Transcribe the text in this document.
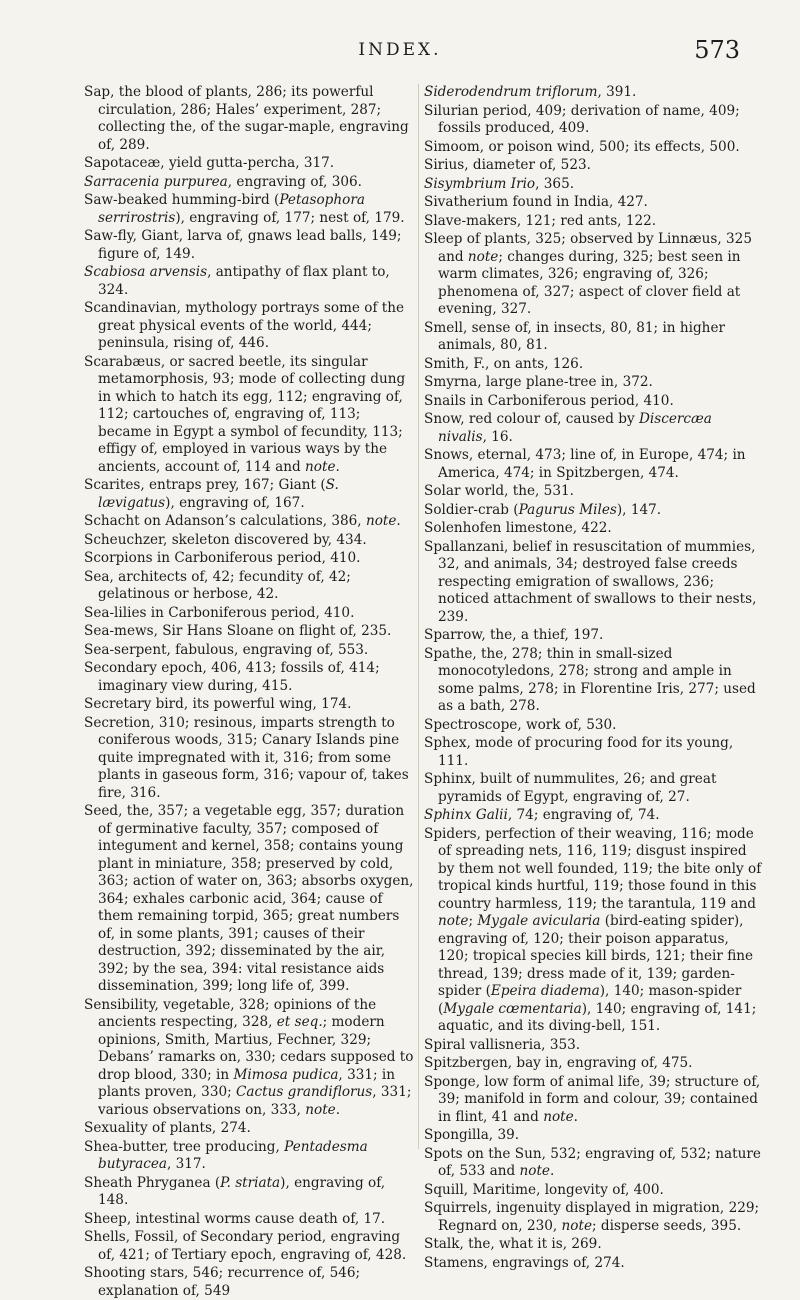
INDEX.	573

Sap, the blood of plants, 286; its powerful circulation, 286; Hales’ experiment, 287; collecting the, of the sugar-maple, engraving of, 289.

Sapotaceæ, yield gutta-percha, 317.

Sarracenia purpurea, engraving of, 306.

Saw-beaked humming-bird (Petasophora serrirostris), engraving of, 177; nest of, 179.

Saw-fly, Giant, larva of, gnaws lead balls, 149; figure of, 149.

Scabiosa arvensis, antipathy of flax plant to, 324.

Scandinavian, mythology portrays some of the great physical events of the world, 444; peninsula, rising of, 446.

Scarabæus, or sacred beetle, its singular metamorphosis, 93; mode of collecting dung in which to hatch its egg, 112; engraving of, 112; cartouches of, engraving of, 113; became in Egypt a symbol of fecundity, 113; effigy of, employed in various ways by the ancients, account of, 114 and note.

Scarites, entraps prey, 167; Giant (S. lævigatus), engraving of, 167.

Schacht on Adanson’s calculations, 386, note.

Scheuchzer, skeleton discovered by, 434.

Scorpions in Carboniferous period, 410.

Sea, architects of, 42; fecundity of, 42; gelatinous or herbose, 42.

Sea-lilies in Carboniferous period, 410.

Sea-mews, Sir Hans Sloane on flight of, 235.

Sea-serpent, fabulous, engraving of, 553.

Secondary epoch, 406, 413; fossils of, 414; imaginary view during, 415.

Secretary bird, its powerful wing, 174.

Secretion, 310; resinous, imparts strength to coniferous woods, 315; Canary Islands pine quite impregnated with it, 316; from some plants in gaseous form, 316; vapour of, takes fire, 316.

Seed, the, 357; a vegetable egg, 357; duration of germinative faculty, 357; composed of integument and kernel, 358; contains young plant in miniature, 358; preserved by cold, 363; action of water on, 363; absorbs oxygen, 364; exhales carbonic acid, 364; cause of them remaining torpid, 365; great numbers of, in some plants, 391; causes of their destruction, 392; disseminated by the air, 392; by the sea, 394: vital resistance aids dissemination, 399; long life of, 399.

Sensibility, vegetable, 328; opinions of the ancients respecting, 328, et seq.; modern opinions, Smith, Martius, Fechner, 329; Debans’ ramarks on, 330; cedars supposed to drop blood, 330; in Mimosa pudica, 331; in plants proven, 330; Cactus grandiflorus, 331; various observations on, 333, note.

Sexuality of plants, 274.

Shea-butter, tree producing, Pentadesma butyracea, 317.

Sheath Phryganea (P. striata), engraving of, 148.

Sheep, intestinal worms cause death of, 17.

Shells, Fossil, of Secondary period, engraving of, 421; of Tertiary epoch, engraving of, 428.

Shooting stars, 546; recurrence of, 546; explanation of, 549

Siderodendrum triflorum, 391.

Silurian period, 409; derivation of name, 409; fossils produced, 409.

Simoom, or poison wind, 500; its effects, 500.

Sirius, diameter of, 523.

Sisymbrium Irio, 365.

Sivatherium found in India, 427.

Slave-makers, 121; red ants, 122.

Sleep of plants, 325; observed by Linnæus, 325 and note; changes during, 325; best seen in warm climates, 326; engraving of, 326; phenomena of, 327; aspect of clover field at evening, 327.

Smell, sense of, in insects, 80, 81; in higher animals, 80, 81.

Smith, F., on ants, 126.

Smyrna, large plane-tree in, 372.

Snails in Carboniferous period, 410.

Snow, red colour of, caused by Discercæa nivalis, 16.

Snows, eternal, 473; line of, in Europe, 474; in America, 474; in Spitzbergen, 474.

Solar world, the, 531.

Soldier-crab (Pagurus Miles), 147.

Solenhofen limestone, 422.

Spallanzani, belief in resuscitation of mummies, 32, and animals, 34; destroyed false creeds respecting emigration of swallows, 236; noticed attachment of swallows to their nests, 239.

Sparrow, the, a thief, 197.

Spathe, the, 278; thin in small-sized monocotyledons, 278; strong and ample in some palms, 278; in Florentine Iris, 277; used as a bath, 278.

Spectroscope, work of, 530.

Sphex, mode of procuring food for its young, 111.

Sphinx, built of nummulites, 26; and great pyramids of Egypt, engraving of, 27.

Sphinx Galii, 74; engraving of, 74.

Spiders, perfection of their weaving, 116; mode of spreading nets, 116, 119; disgust inspired by them not well founded, 119; the bite only of tropical kinds hurtful, 119; those found in this country harmless, 119; the tarantula, 119 and note; Mygale avicularia (bird-eating spider), engraving of, 120; their poison apparatus, 120; tropical species kill birds, 121; their fine thread, 139; dress made of it, 139; garden-spider (Epeira diadema), 140; mason-spider (Mygale cœmentaria), 140; engraving of, 141; aquatic, and its diving-bell, 151.

Spiral vallisneria, 353.

Spitzbergen, bay in, engraving of, 475.

Sponge, low form of animal life, 39; structure of, 39; manifold in form and colour, 39; contained in flint, 41 and note.

Spongilla, 39.

Spots on the Sun, 532; engraving of, 532; nature of, 533 and note.

Squill, Maritime, longevity of, 400.

Squirrels, ingenuity displayed in migration, 229; Regnard on, 230, note; disperse seeds, 395.

Stalk, the, what it is, 269.

Stamens, engravings of, 274.
